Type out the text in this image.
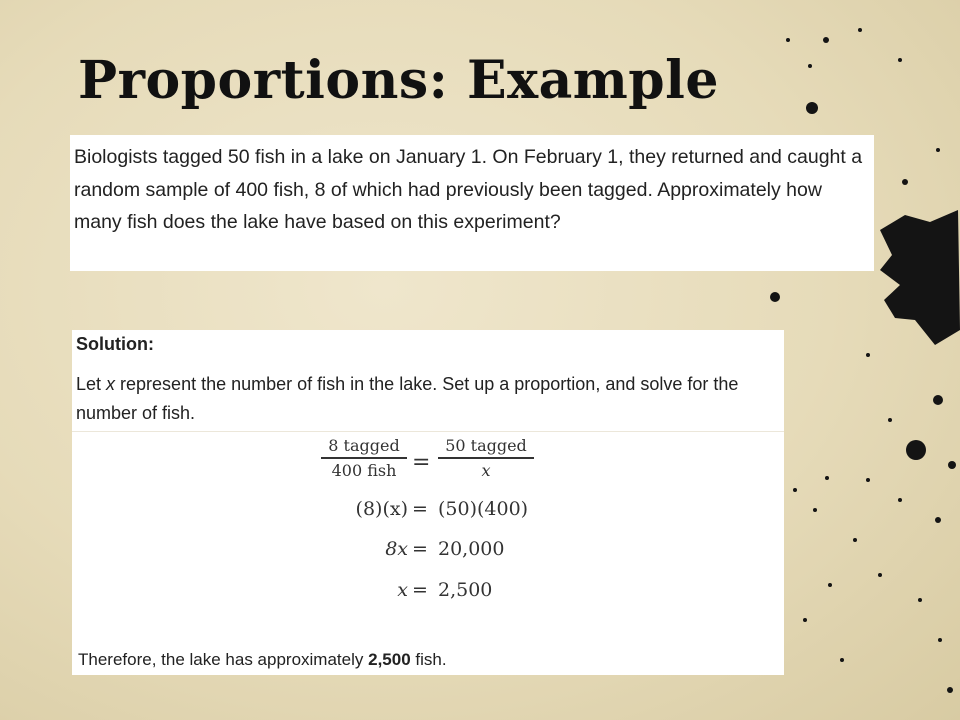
Proportions: Example

Biologists tagged 50 fish in a lake on January 1. On February 1, they returned and caught a random sample of 400 fish, 8 of which had previously been tagged. Approximately how many fish does the lake have based on this experiment?

Solution:

Let x represent the number of fish in the lake. Set up a proportion, and solve for the number of fish.

8 tagged
400 fish =
50 tagged
x
(8)(x) = (50)(400)
8x = 20,000
x = 2,500

Therefore, the lake has approximately 2,500 fish.
